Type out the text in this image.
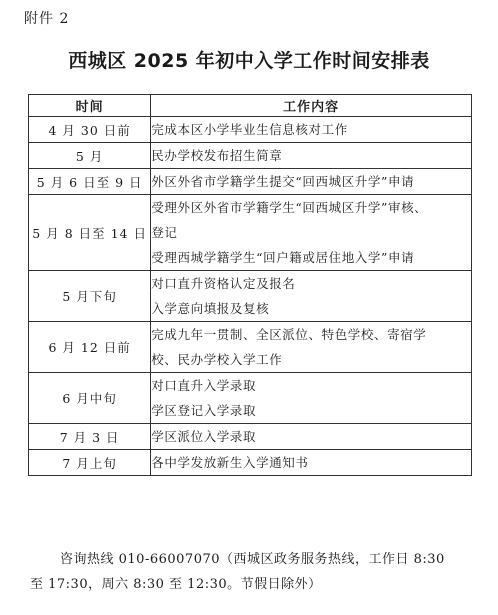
附件 2
西城区 2025 年初中入学工作时间安排表
时间	工作内容
4 月 30 日前	完成本区小学毕业生信息核对工作

5 月	民办学校发布招生简章

5 月 6 日至 9 日	外区外省市学籍学生提交“回西城区升学”申请

5 月 8 日至 14 日	受理外区外省市学籍学生“回西城区升学”审核、
登记
受理西城学籍学生“回户籍或居住地入学”申请

5 月下旬	对口直升资格认定及报名
入学意向填报及复核

6 月 12 日前	完成九年一贯制、全区派位、特色学校、寄宿学
校、民办学校入学工作

6 月中旬	对口直升入学录取
学区登记入学录取

7 月 3 日	学区派位入学录取

7 月上旬	各中学发放新生入学通知书
咨询热线 010-66007070（西城区政务服务热线，工作日 8:30
至 17:30，周六 8:30 至 12:30。节假日除外）
